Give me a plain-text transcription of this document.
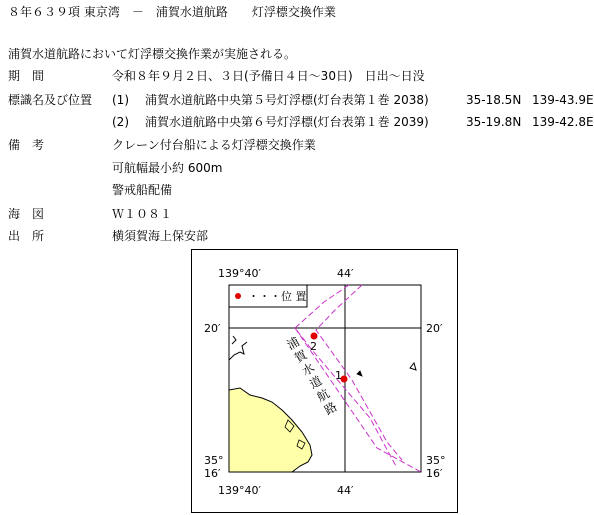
８年６３９項 東京湾　－　浦賀水道航路　　灯浮標交換作業
浦賀水道航路において灯浮標交換作業が実施される。
期　間	令和８年９月２日、３日(予備日４日～30日)　日出～日没
標識名及び位置 (1) 浦賀水道航路中央第５号灯浮標(灯台表第１巻 2038)	35-18.5N 139-43.9E
(2) 浦賀水道航路中央第６号灯浮標(灯台表第１巻 2039)	35-19.8N 139-42.8E
備　考	クレーン付台船による灯浮標交換作業
可航幅最小約 600m
警戒船配備
海　図	Ｗ１０８１
出　所	横須賀海上保安部
・・・位 置
2
1
浦
賀
水
道
航
路
139°40′	44′
20′	20′
35°
16′
35°
16′
139°40′	44′
